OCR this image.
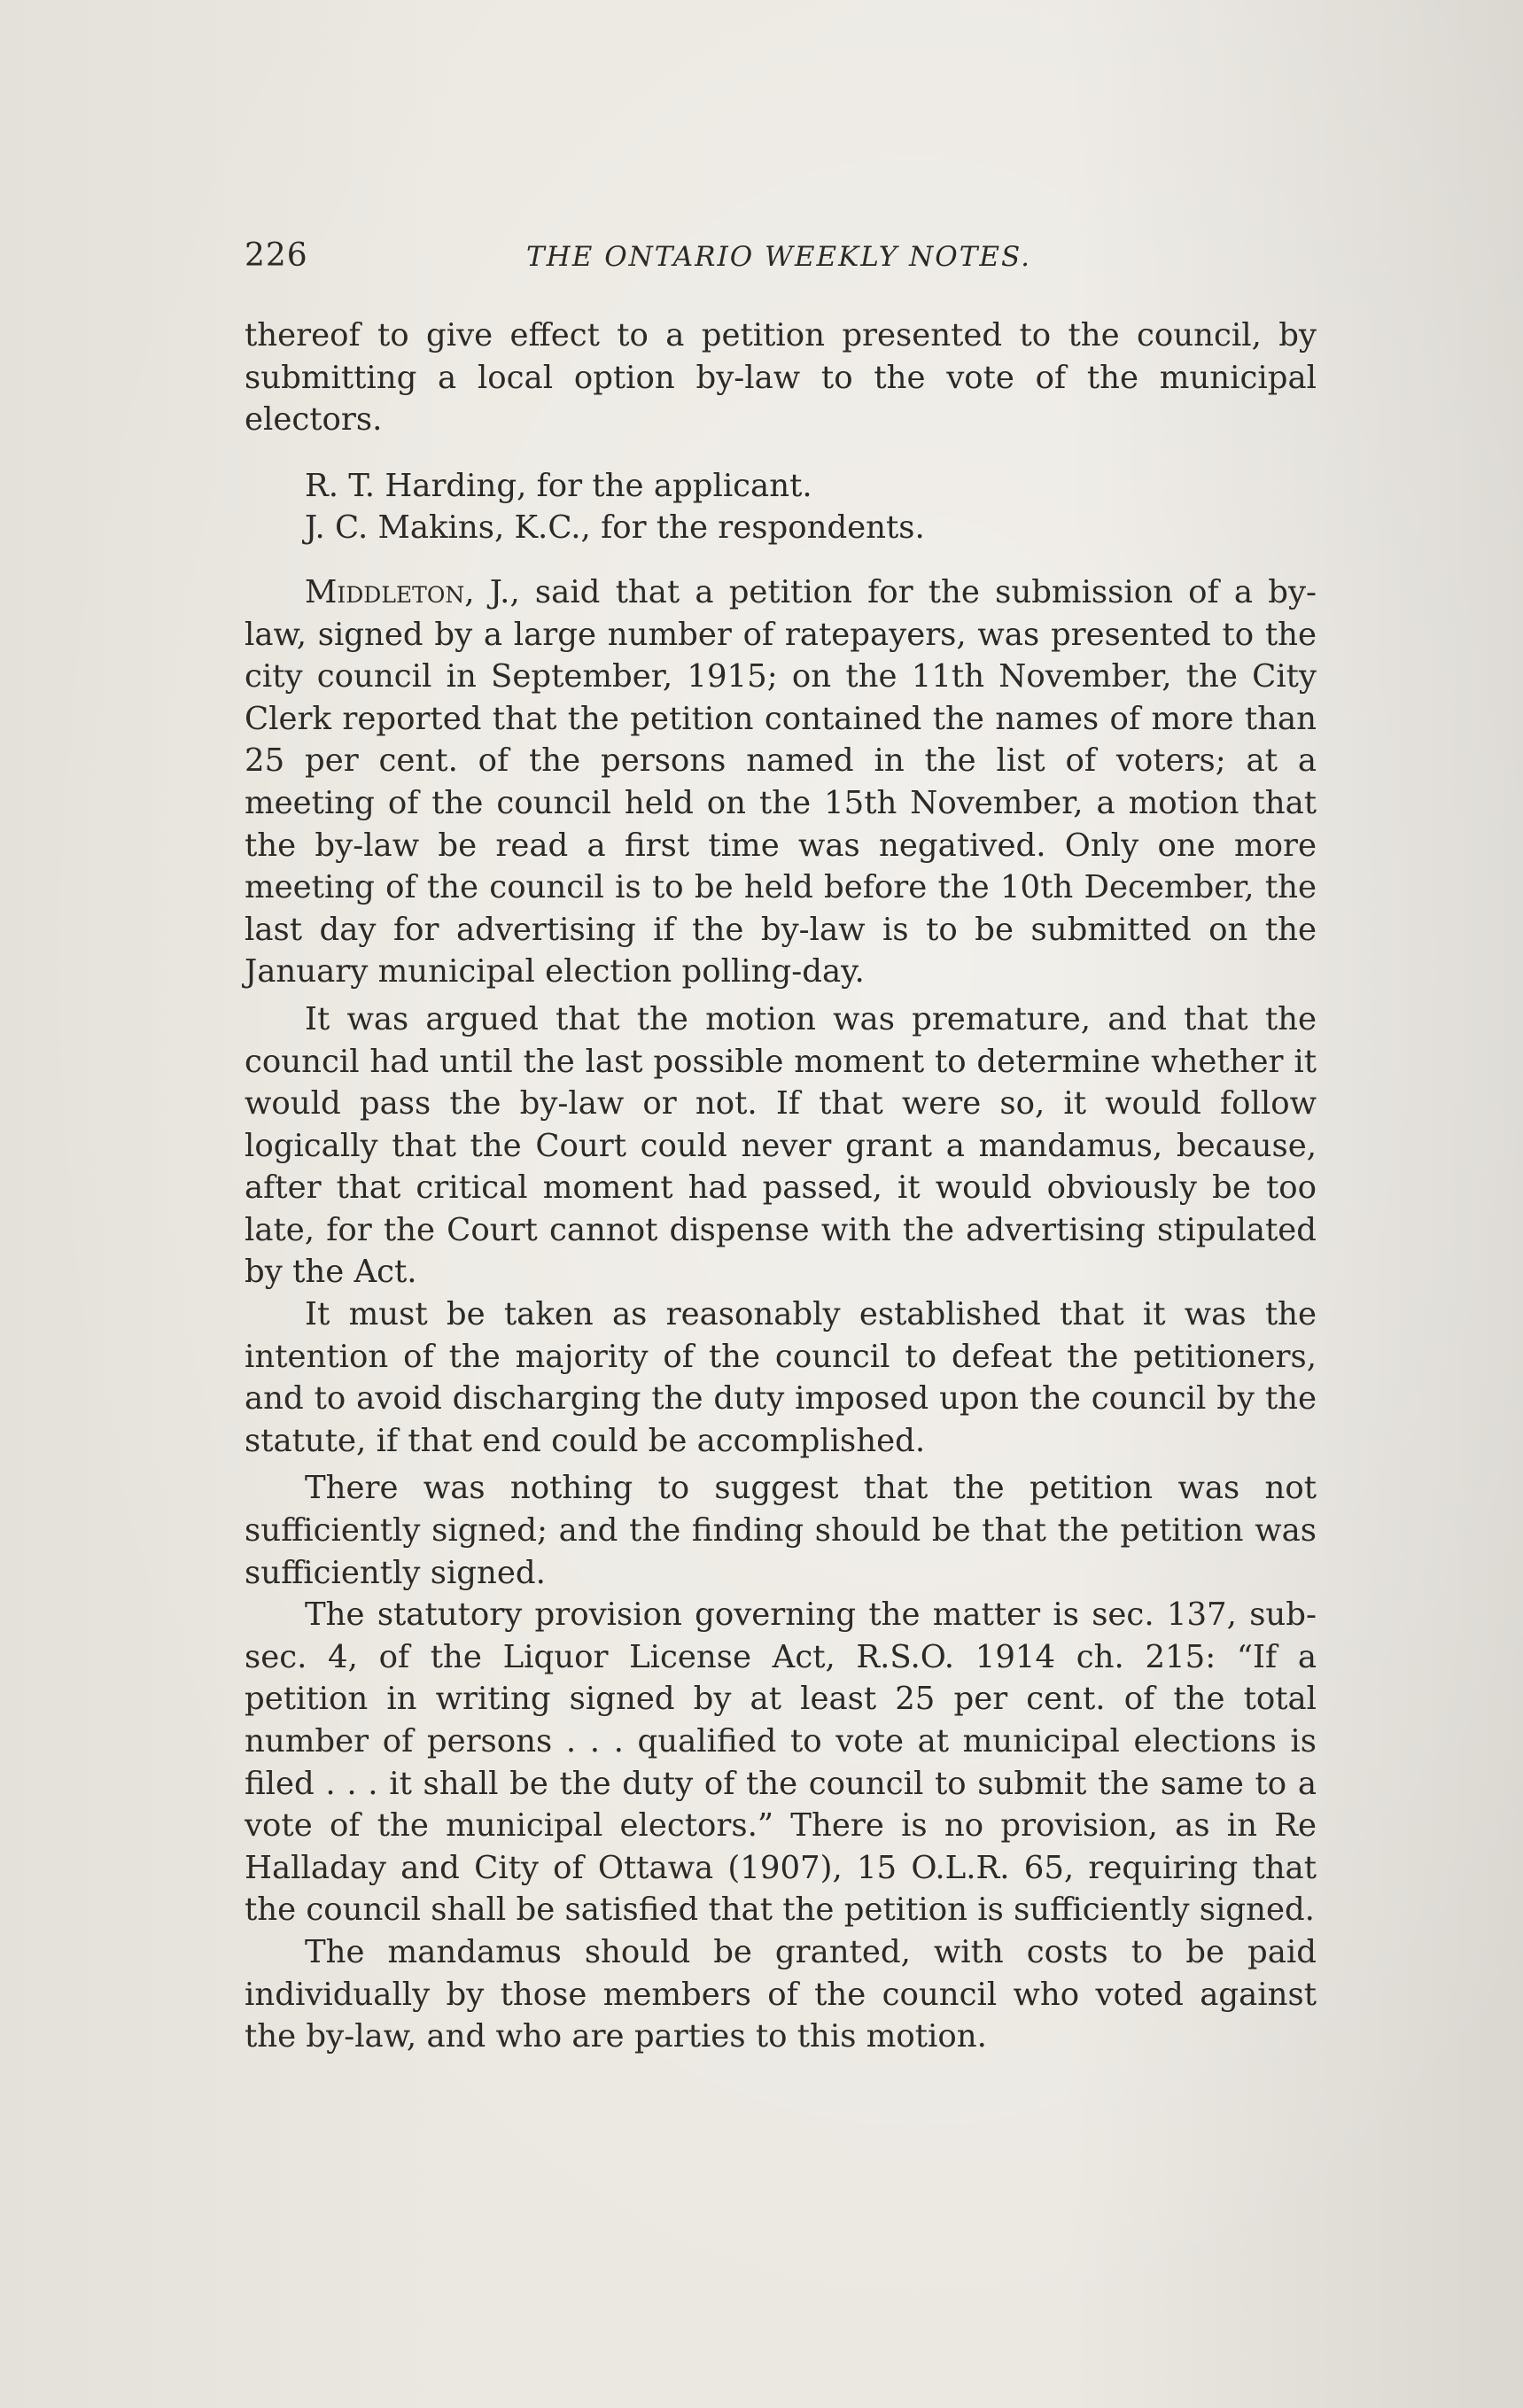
226	THE ONTARIO WEEKLY NOTES.

thereof to give effect to a petition presented to the council, by submitting a local option by-law to the vote of the municipal electors.

R. T. Harding, for the applicant.
J. C. Makins, K.C., for the respondents.

Middleton, J., said that a petition for the submission of a by-law, signed by a large number of ratepayers, was presented to the city council in September, 1915; on the 11th November, the City Clerk reported that the petition contained the names of more than 25 per cent. of the persons named in the list of voters; at a meeting of the council held on the 15th November, a motion that the by-law be read a first time was negatived. Only one more meeting of the council is to be held before the 10th December, the last day for advertising if the by-law is to be submitted on the January municipal election polling-day.

It was argued that the motion was premature, and that the council had until the last possible moment to determine whether it would pass the by-law or not. If that were so, it would follow logically that the Court could never grant a mandamus, because, after that critical moment had passed, it would obviously be too late, for the Court cannot dispense with the advertising stipulated by the Act.

It must be taken as reasonably established that it was the intention of the majority of the council to defeat the petitioners, and to avoid discharging the duty imposed upon the council by the statute, if that end could be accomplished.

There was nothing to suggest that the petition was not sufficiently signed; and the finding should be that the petition was sufficiently signed.

The statutory provision governing the matter is sec. 137, sub-sec. 4, of the Liquor License Act, R.S.O. 1914 ch. 215: “If a petition in writing signed by at least 25 per cent. of the total number of persons . . . qualified to vote at municipal elections is filed . . . it shall be the duty of the council to submit the same to a vote of the municipal electors.” There is no provision, as in Re Halladay and City of Ottawa (1907), 15 O.L.R. 65, requiring that the council shall be satisfied that the petition is sufficiently signed.

The mandamus should be granted, with costs to be paid individually by those members of the council who voted against the by-law, and who are parties to this motion.
